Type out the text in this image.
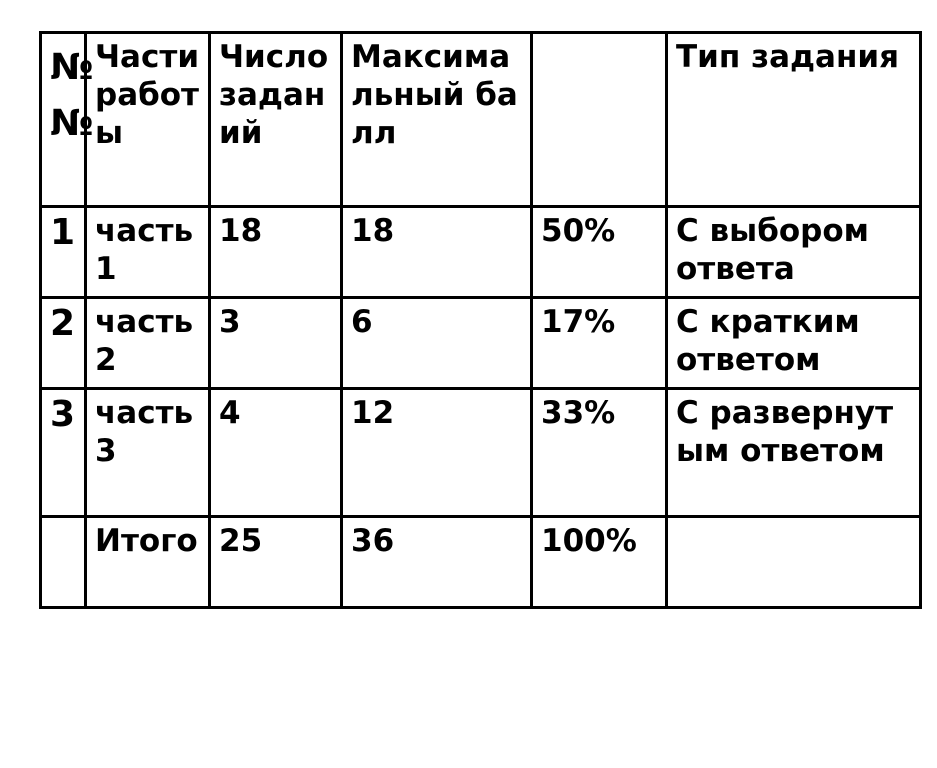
№
№	Части работы	Число заданий	Максимальный балл		Тип задания

1	часть 1	18	18	50%	С выбором ответа
2	часть 2	3	6	17%	С кратким ответом
3	часть 3	4	12	33%	С развернутым ответом

	Итого	25	36	100%	
